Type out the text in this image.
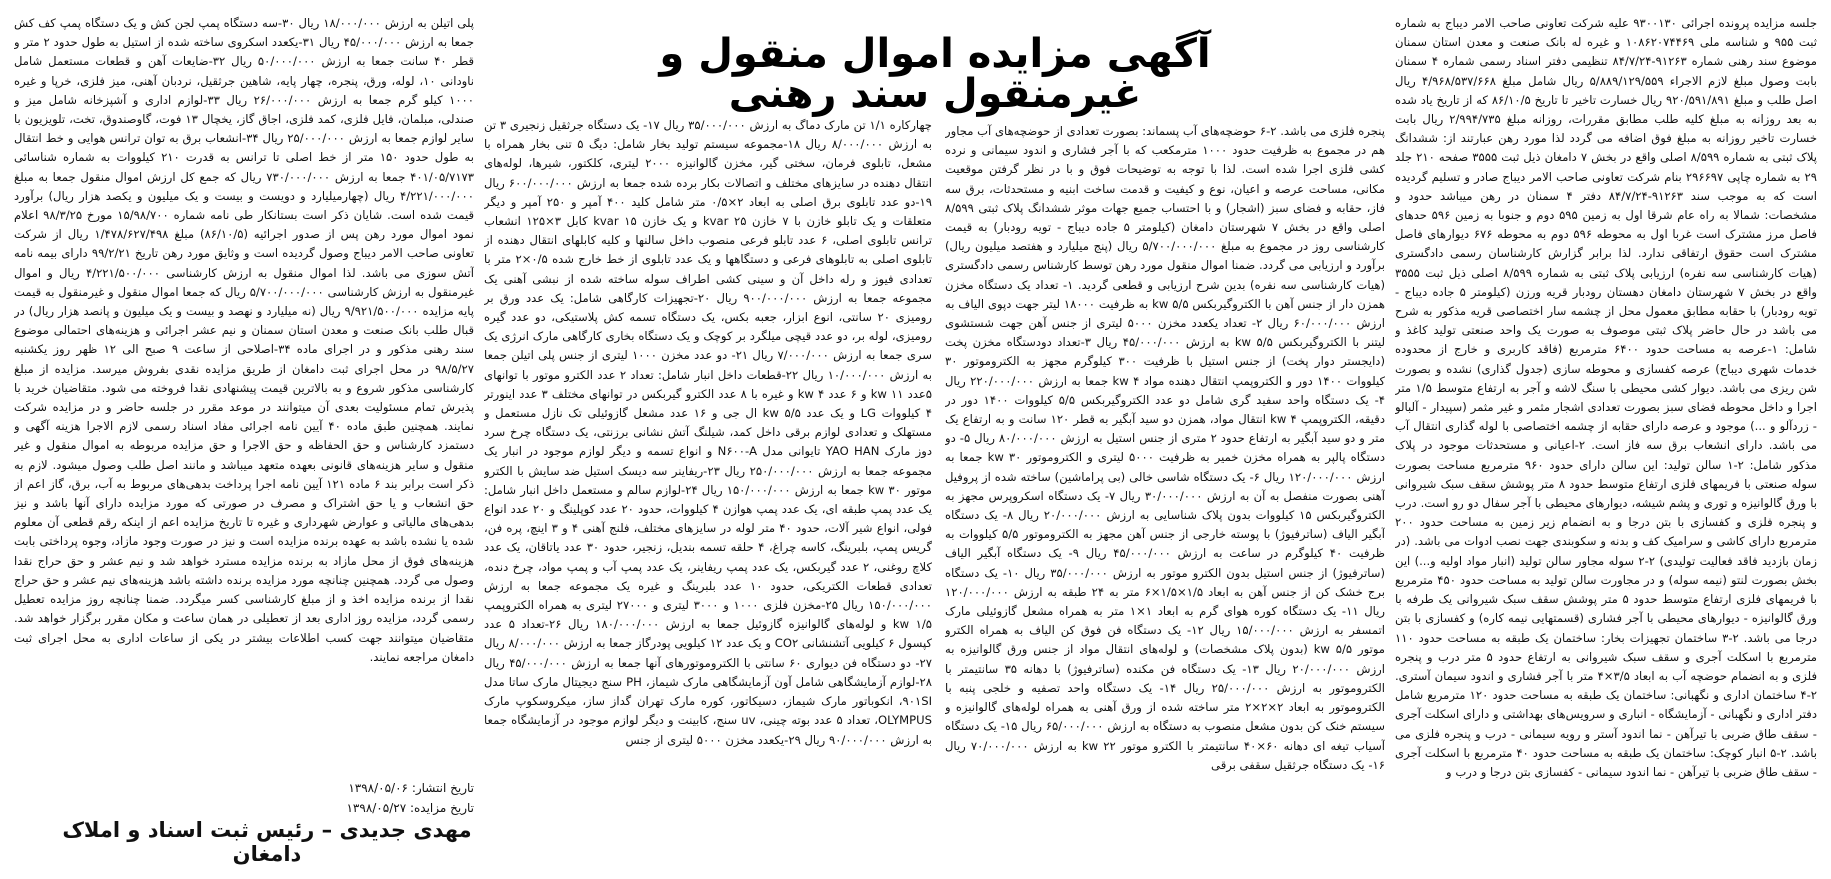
آگهی مزایده اموال منقول و غیرمنقول سند رهنی
جلسه مزایده پرونده اجرائی ۹۳۰۰۱۳۰ علیه شرکت تعاونی صاحب الامر دیباج به شماره ثبت ۹۵۵ و شناسه ملی ۱۰۸۶۲۰۷۴۴۶۹ و غیره له بانک صنعت و معدن استان سمنان موضوع سند رهنی شماره ۹۱۲۶۳-۸۴/۷/۲۴ تنظیمی دفتر اسناد رسمی شماره ۴ سمنان بابت وصول مبلغ لازم الاجراء ۵/۸۸۹/۱۲۹/۵۵۹ ریال شامل مبلغ ۴/۹۶۸/۵۳۷/۶۶۸ ریال اصل طلب و مبلغ ۹۲۰/۵۹۱/۸۹۱ ریال خسارت تاخیر تا تاریخ ۸۶/۱۰/۵ که از تاریخ یاد شده به بعد روزانه به مبلغ کلیه طلب مطابق مقررات، روزانه مبلغ ۲/۹۹۴/۷۳۵ ریال بابت خسارت تاخیر روزانه به مبلغ فوق اضافه می گردد لذا مورد رهن عبارتند از: ششدانگ پلاک ثبتی به شماره ۸/۵۹۹ اصلی واقع در بخش ۷ دامغان ذیل ثبت ۳۵۵۵ صفحه ۲۱۰ جلد ۲۹ به شماره چاپی ۲۹۶۶۹۷ بنام شرکت تعاونی صاحب الامر دیباج صادر و تسلیم گردیده است که به موجب سند ۹۱۲۶۳-۸۴/۷/۲۴ دفتر ۴ سمنان در رهن میباشد حدود و مشخصات: شمالا به راه عام شرقا اول به زمین ۵۹۵ دوم و جنوبا به زمین ۵۹۶ حدهای فاصل مرز مشترک است غربا اول به محوطه ۵۹۶ دوم به محوطه ۶۷۶ دیوارهای فاصل مشترک است حقوق ارتفاقی ندارد. لذا برابر گزارش کارشناسان رسمی دادگستری (هیات کارشناسی سه نفره) ارزیابی پلاک ثبتی به شماره ۸/۵۹۹ اصلی ذیل ثبت ۳۵۵۵ واقع در بخش ۷ شهرستان دامغان دهستان رودبار قریه ورزن (کیلومتر ۵ جاده دیباج - تویه رودبار) با حقابه مطابق معمول محل از چشمه سار اختصاصی قریه مذکور به شرح می باشد در حال حاضر پلاک ثبتی موصوف به صورت یک واحد صنعتی تولید کاغذ و شامل: ۱-عرصه به مساحت حدود ۶۴۰۰ مترمربع (فاقد کاربری و خارج از محدوده خدمات شهری دیباج) عرصه کفسازی و محوطه سازی (جدول گذاری) نشده و بصورت شن ریزی می باشد. دیوار کشی محیطی با سنگ لاشه و آجر به ارتفاع متوسط ۱/۵ متر اجرا و داخل محوطه فضای سبز بصورت تعدادی اشجار مثمر و غیر مثمر (سپیدار - آلبالو - زردآلو و ...) موجود و عرصه دارای حقابه از چشمه اختصاصی با لوله گذاری انتقال آب می باشد. دارای انشعاب برق سه فاز است. ۲-اعیانی و مستحدثات موجود در پلاک مذکور شامل: ۲-۱ سالن تولید: این سالن دارای حدود ۹۶۰ مترمربع مساحت بصورت سوله صنعتی با فریمهای فلزی ارتفاع متوسط حدود ۸ متر پوشش سقف سبک شیروانی با ورق گالوانیزه و توری و پشم شیشه، دیوارهای محیطی با آجر سفال دو رو است. درب و پنجره فلزی و کفسازی با بتن درجا و به انضمام زیر زمین به مساحت حدود ۲۰۰ مترمربع دارای کاشی و سرامیک کف و بدنه و سکوبندی جهت نصب ادوات می باشد. (در زمان بازدید فاقد فعالیت تولیدی) ۲-۲ سوله مجاور سالن تولید (انبار مواد اولیه و...) این بخش بصورت لنتو (نیمه سوله) و در مجاورت سالن تولید به مساحت حدود ۴۵۰ مترمربع با فریمهای فلزی ارتفاع متوسط حدود ۵ متر پوشش سقف سبک شیروانی یک طرفه با ورق گالوانیزه - دیوارهای محیطی با آجر فشاری (قسمتهایی نیمه کاره) و کفسازی با بتن درجا می باشد. ۲-۳ ساختمان تجهیزات بخار: ساختمان یک طبقه به مساحت حدود ۱۱۰ مترمربع با اسکلت آجری و سقف سبک شیروانی به ارتفاع حدود ۵ متر درب و پنجره فلزی و به انضمام حوضچه آب به ابعاد ۳/۵×۴ متر با آجر فشاری و اندود سیمان آستری. ۲-۴ ساختمان اداری و نگهبانی: ساختمان یک طبقه به مساحت حدود ۱۲۰ مترمربع شامل دفتر اداری و نگهبانی - آزمایشگاه - انباری و سرویس‌های بهداشتی و دارای اسکلت آجری - سقف طاق ضربی با تیرآهن - نما اندود آستر و رویه سیمانی - درب و پنجره فلزی می باشد. ۲-۵ انبار کوچک: ساختمان یک طبقه به مساحت حدود ۴۰ مترمربع با اسکلت آجری - سقف طاق ضربی با تیرآهن - نما اندود سیمانی - کفسازی بتن درجا و درب و
پنجره فلزی می باشد. ۲-۶ حوضچه‌های آب پسماند: بصورت تعدادی از حوضچه‌های آب مجاور هم در مجموع به ظرفیت حدود ۱۰۰۰ مترمکعب که با آجر فشاری و اندود سیمانی و نرده کشی فلزی اجرا شده است. لذا با توجه به توضیحات فوق و با در نظر گرفتن موقعیت مکانی، مساحت عرصه و اعیان، نوع و کیفیت و قدمت ساخت ابنیه و مستحدثات، برق سه فاز، حقابه و فضای سبز (اشجار) و با احتساب جمیع جهات موثر ششدانگ پلاک ثبتی ۸/۵۹۹ اصلی واقع در بخش ۷ شهرستان دامغان (کیلومتر ۵ جاده دیباج - تویه رودبار) به قیمت کارشناسی روز در مجموع به مبلغ ۵/۷۰۰/۰۰۰/۰۰۰ ریال (پنج میلیارد و هفتصد میلیون ریال) برآورد و ارزیابی می گردد. ضمنا اموال منقول مورد رهن توسط کارشناس رسمی دادگستری (هیات کارشناسی سه نفره) بدین شرح ارزیابی و قطعی گردید. ۱- تعداد یک دستگاه مخزن همزن دار از جنس آهن با الکتروگیربکس kw ۵/۵ به ظرفیت ۱۸۰۰۰ لیتر جهت دپوی الیاف به ارزش ۶۰/۰۰۰/۰۰۰ ریال ۲- تعداد یکعدد مخزن ۵۰۰۰ لیتری از جنس آهن جهت شستشوی لیتنر با الکتروگیربکس ۵/۵ kw به ارزش ۴۵/۰۰۰/۰۰۰ ریال ۳-تعداد دودستگاه مخزن پخت (دایجستر دوار پخت) از جنس استیل با ظرفیت ۳۰۰ کیلوگرم مجهز به الکتروموتور ۳۰ کیلووات ۱۴۰۰ دور و الکتروپمپ انتقال دهنده مواد ۴ kw جمعا به ارزش ۲۲۰/۰۰۰/۰۰۰ ریال ۴- یک دستگاه واحد سفید گری شامل دو عدد الکتروگیربکس ۵/۵ کیلووات ۱۴۰۰ دور در دقیقه، الکتروپمپ ۴ kw انتقال مواد، همزن دو سید آبگیر به قطر ۱۲۰ سانت و به ارتفاع یک متر و دو سید آبگیر به ارتفاع حدود ۲ متری از جنس استیل به ارزش ۸۰/۰۰۰/۰۰۰ ریال ۵- دو دستگاه پالپر به همراه مخزن خمیر به ظرفیت ۵۰۰۰ لیتری و الکتروموتور ۳۰ kw جمعا به ارزش ۱۲۰/۰۰۰/۰۰۰ ریال ۶- یک دستگاه شاسی خالی (بی پراماشین) ساخته شده از پروفیل آهنی بصورت منفصل به آن به ارزش ۳۰/۰۰۰/۰۰۰ ریال ۷- یک دستگاه اسکروپرس مجهز به الکتروگیربکس ۱۵ کیلووات بدون پلاک شناسایی به ارزش ۲۰/۰۰۰/۰۰۰ ریال ۸- یک دستگاه آبگیر الیاف (ساترفیوژ) با پوسته خارجی از جنس آهن مجهز به الکتروموتور ۵/۵ کیلووات به ظرفیت ۴۰ کیلوگرم در ساعت به ارزش ۴۵/۰۰۰/۰۰۰ ریال ۹- یک دستگاه آبگیر الیاف (ساترفیوژ) از جنس استیل بدون الکترو موتور به ارزش ۳۵/۰۰۰/۰۰۰ ریال ۱۰- یک دستگاه برج خشک کن از جنس آهن به ابعاد ۱/۵×۱/۵×۶ متر به ۲۴ طبقه به ارزش ۱۲۰/۰۰۰/۰۰۰ ریال ۱۱- یک دستگاه کوره هوای گرم به ابعاد ۱×۱ متر به همراه مشعل گازوئیلی مارک اتمسفر به ارزش ۱۵/۰۰۰/۰۰۰ ریال ۱۲- یک دستگاه فن فوق کن الیاف به همراه الکترو موتور ۵/۵ kw (بدون پلاک مشخصات) و لوله‌های انتقال مواد از جنس ورق گالوانیزه به ارزش ۲۰/۰۰۰/۰۰۰ ریال ۱۳- یک دستگاه فن مکنده (ساترفیوژ) با دهانه ۳۵ سانتیمتر با الکتروموتور به ارزش ۲۵/۰۰۰/۰۰۰ ریال ۱۴- یک دستگاه واحد تصفیه و خلجی پنبه با الکتروموتور به ابعاد ۲×۲×۲ متر ساخته شده از ورق آهنی به همراه لوله‌های گالوانیزه و سیستم خنک کن بدون مشعل منصوب به دستگاه به ارزش ۶۵/۰۰۰/۰۰۰ ریال ۱۵- یک دستگاه آسیاب تیغه ای دهانه ۶۰×۴۰ سانتیمتر با الکترو موتور ۲۲ kw به ارزش ۷۰/۰۰۰/۰۰۰ ریال ۱۶- یک دستگاه جرثقیل سقفی برقی
چهارکاره ۱/۱ تن مارک دماگ به ارزش ۳۵/۰۰۰/۰۰۰ ریال ۱۷- یک دستگاه جرثقیل زنجیری ۳ تن به ارزش ۸/۰۰۰/۰۰۰ ریال ۱۸-مجموعه سیستم تولید بخار شامل: دیگ ۵ تنی بخار همراه با مشعل، تابلوی فرمان، سختی گیر، مخزن گالوانیزه ۲۰۰۰ لیتری، کلکتور، شیرها، لوله‌های انتقال دهنده در سایزهای مختلف و اتصالات بکار برده شده جمعا به ارزش ۶۰۰/۰۰۰/۰۰۰ ریال ۱۹-دو عدد تابلوی برق اصلی به ابعاد ۲×۰/۵ متر شامل کلید ۴۰۰ آمپر و ۲۵۰ آمپر و دیگر متعلقات و یک تابلو خازن با ۷ خازن ۲۵ kvar و یک خازن ۱۵ kvar کابل ۳×۱۲۵ انشعاب ترانس تابلوی اصلی، ۶ عدد تابلو فرعی منصوب داخل سالنها و کلیه کابلهای انتقال دهنده از تابلوی اصلی به تابلوهای فرعی و دستگاهها و یک عدد تابلوی از خط خارج شده ۰/۵×۲ متر با تعدادی فیوز و رله داخل آن و سینی کشی اطراف سوله ساخته شده از نبشی آهنی یک مجموعه جمعا به ارزش ۹۰۰/۰۰۰/۰۰۰ ریال ۲۰-تجهیزات کارگاهی شامل: یک عدد ورق بر رومیزی ۲۰ سانتی، انوع ابزار، جعبه بکس، یک دستگاه تسمه کش پلاستیکی، دو عدد گیره رومیزی، لوله بر، دو عدد قیچی میلگرد بر کوچک و یک دستگاه بخاری کارگاهی مارک انرژی یک سری جمعا به ارزش ۷/۰۰۰/۰۰۰ ریال ۲۱- دو عدد مخزن ۱۰۰۰ لیتری از جنس پلی اتیلن جمعا به ارزش ۱۰/۰۰۰/۰۰۰ ریال ۲۲-قطعات داخل انبار شامل: تعداد ۲ عدد الکترو موتور با توانهای ۵عدد ۱۱ kw و ۶ عدد ۴ kw و غیره با ۸ عدد الکترو گیربکس در توانهای مختلف ۳ عدد اینورتر ۴ کیلووات LG و یک عدد ۵/۵ kw ال جی و ۱۶ عدد مشعل گازوئیلی تک نازل مستعمل و مستهلک و تعدادی لوازم برقی داخل کمد، شیلنگ آتش نشانی برزنتی، یک دستگاه چرخ سرد دوز مارک YAO HAN تایوانی مدل N۶۰۰-A و انواع تسمه و دیگر لوازم موجود در انبار یک مجموعه جمعا به ارزش ۲۵۰/۰۰۰/۰۰۰ ریال ۲۳-ریفاینر سه دیسک استیل ضد سایش با الکترو موتور ۳۰ kw جمعا به ارزش ۱۵۰/۰۰۰/۰۰۰ ریال ۲۴-لوازم سالم و مستعمل داخل انبار شامل: یک عدد پمپ طبقه ای، یک عدد پمپ هوازن ۴ کیلووات، حدود ۲۰ عدد کوپلینگ و ۲۰ عدد انواع فولی، انواع شیر آلات، حدود ۴۰ متر لوله در سایزهای مختلف، فلنج آهنی ۴ و ۳ اینچ، پره فن، گریس پمپ، بلبرینگ، کاسه چراغ، ۴ حلقه تسمه بندیل، زنجیر، حدود ۳۰ عدد یاتاقان، یک عدد کلاچ روغنی، ۲ عدد گیربکس، یک عدد پمپ ریفاینر، یک عدد پمپ آب و پمپ مواد، چرخ دنده، تعدادی قطعات الکتریکی، حدود ۱۰ عدد بلبرینگ و غیره یک مجموعه جمعا به ارزش ۱۵۰/۰۰۰/۰۰۰ ریال ۲۵-مخزن فلزی ۱۰۰۰ و ۳۰۰۰ لیتری و ۲۷۰۰۰ لیتری به همراه الکتروپمپ ۱/۵ kw و لوله‌های گالوانیزه گازوئیل جمعا به ارزش ۱۸۰/۰۰۰/۰۰۰ ریال ۲۶-تعداد ۵ عدد کپسول ۶ کیلویی آتشنشانی CO۲ و یک عدد ۱۲ کیلویی پودرگاز جمعا به ارزش ۸/۰۰۰/۰۰۰ ریال ۲۷- دو دستگاه فن دیواری ۶۰ سانتی با الکتروموتورهای آنها جمعا به ارزش ۴۵/۰۰۰/۰۰۰ ریال ۲۸-لوازم آزمایشگاهی شامل آون آزمایشگاهی مارک شیماز، PH سنج دیجیتال مارک ساتا مدل ۹۰۱SI، انکوباتور مارک شیماز، دسیکاتور، کوره مارک تهران گداز ساز، میکروسکوپ مارک OLYMPUS، تعداد ۵ عدد بوته چینی، uv سنج، کابینت و دیگر لوازم موجود در آزمایشگاه جمعا به ارزش ۹۰/۰۰۰/۰۰۰ ریال ۲۹-یکعدد مخزن ۵۰۰۰ لیتری از جنس
پلی اتیلن به ارزش ۱۸/۰۰۰/۰۰۰ ریال ۳۰-سه دستگاه پمپ لجن کش و یک دستگاه پمپ کف کش جمعا به ارزش ۴۵/۰۰۰/۰۰۰ ریال ۳۱-یکعدد اسکروی ساخته شده از استیل به طول حدود ۲ متر و قطر ۴۰ سانت جمعا به ارزش ۵۰/۰۰۰/۰۰۰ ریال ۳۲-ضایعات آهن و قطعات مستعمل شامل ناودانی ۱۰، لوله، ورق، پنجره، چهار پایه، شاهین جرثقیل، نردبان آهنی، میز فلزی، خرپا و غیره ۱۰۰۰ کیلو گرم جمعا به ارزش ۲۶/۰۰۰/۰۰۰ ریال ۳۳-لوازم اداری و آشپزخانه شامل میز و صندلی، مبلمان، فایل فلزی، کمد فلزی، اجاق گاز، یخچال ۱۳ فوت، گاوصندوق، تخت، تلویزیون با سایر لوازم جمعا به ارزش ۲۵/۰۰۰/۰۰۰ ریال ۳۴-انشعاب برق به توان ترانس هوایی و خط انتقال به طول حدود ۱۵۰ متر از خط اصلی تا ترانس به قدرت ۲۱۰ کیلووات به شماره شناسائی ۴۰۱/۰۵/۷۱۷۳ جمعا به ارزش ۷۳۰/۰۰۰/۰۰۰ ریال که جمع کل ارزش اموال منقول جمعا به مبلغ ۴/۲۲۱/۰۰۰/۰۰۰ ریال (چهارمیلیارد و دویست و بیست و یک میلیون و یکصد هزار ریال) برآورد قیمت شده است. شایان ذکر است بستانکار طی نامه شماره ۱۵/۹۸/۷۰۰ مورخ ۹۸/۳/۲۵ اعلام نمود اموال مورد رهن پس از صدور اجرائیه (۸۶/۱۰/۵) مبلغ ۱/۴۷۸/۶۲۷/۴۹۸ ریال از شرکت تعاونی صاحب الامر دیباج وصول گردیده است و وثایق مورد رهن تاریخ ۹۹/۲/۲۱ دارای بیمه نامه آتش سوزی می باشد. لذا اموال منقول به ارزش کارشناسی ۴/۲۲۱/۵۰۰/۰۰۰ ریال و اموال غیرمنقول به ارزش کارشناسی ۵/۷۰۰/۰۰۰/۰۰۰ ریال که جمعا اموال منقول و غیرمنقول به قیمت پایه مزایده ۹/۹۲۱/۵۰۰/۰۰۰ ریال (نه میلیارد و نهصد و بیست و یک میلیون و پانصد هزار ریال) در قبال طلب بانک صنعت و معدن استان سمنان و نیم عشر اجرائی و هزینه‌های احتمالی موضوع سند رهنی مذکور و در اجرای ماده ۳۴-اصلاحی از ساعت ۹ صبح الی ۱۲ ظهر روز یکشنبه ۹۸/۵/۲۷ در محل اجرای ثبت دامغان از طریق مزایده نقدی بفروش میرسد. مزایده از مبلغ کارشناسی مذکور شروع و به بالاترین قیمت پیشنهادی نقدا فروخته می شود. متقاضیان خرید با پذیرش تمام مسئولیت بعدی آن میتوانند در موعد مقرر در جلسه حاضر و در مزایده شرکت نمایند. همچنین طبق ماده ۴۰ آیین نامه اجرائی مفاد اسناد رسمی لازم الاجرا هزینه آگهی و دستمزد کارشناس و حق الحفاظه و حق الاجرا و حق مزایده مربوطه به اموال منقول و غیر منقول و سایر هزینه‌های قانونی بعهده متعهد میباشد و مانند اصل طلب وصول میشود. لازم به ذکر است برابر بند ۶ ماده ۱۲۱ آیین نامه اجرا پرداخت بدهی‌های مربوط به آب، برق، گاز اعم از حق انشعاب و یا حق اشتراک و مصرف در صورتی که مورد مزایده دارای آنها باشد و نیز بدهی‌های مالیاتی و عوارض شهرداری و غیره تا تاریخ مزایده اعم از اینکه رقم قطعی آن معلوم شده یا نشده باشد به عهده برنده مزایده است و نیز در صورت وجود مازاد، وجوه پرداختی بابت هزینه‌های فوق از محل مازاد به برنده مزایده مسترد خواهد شد و نیم عشر و حق حراج نقدا وصول می گردد. همچنین چنانچه مورد مزایده برنده داشته باشد هزینه‌های نیم عشر و حق حراج نقدا از برنده مزایده اخذ و از مبلغ کارشناسی کسر میگردد. ضمنا چنانچه روز مزایده تعطیل رسمی گردد، مزایده روز اداری بعد از تعطیلی در همان ساعت و مکان مقرر برگزار خواهد شد. متقاضیان میتوانند جهت کسب اطلاعات بیشتر در یکی از ساعات اداری به محل اجرای ثبت دامغان مراجعه نمایند.
تاریخ انتشار: ۱۳۹۸/۰۵/۰۶
تاریخ مزایده: ۱۳۹۸/۰۵/۲۷
مهدی جدیدی – رئیس ثبت اسناد و املاک دامغان
